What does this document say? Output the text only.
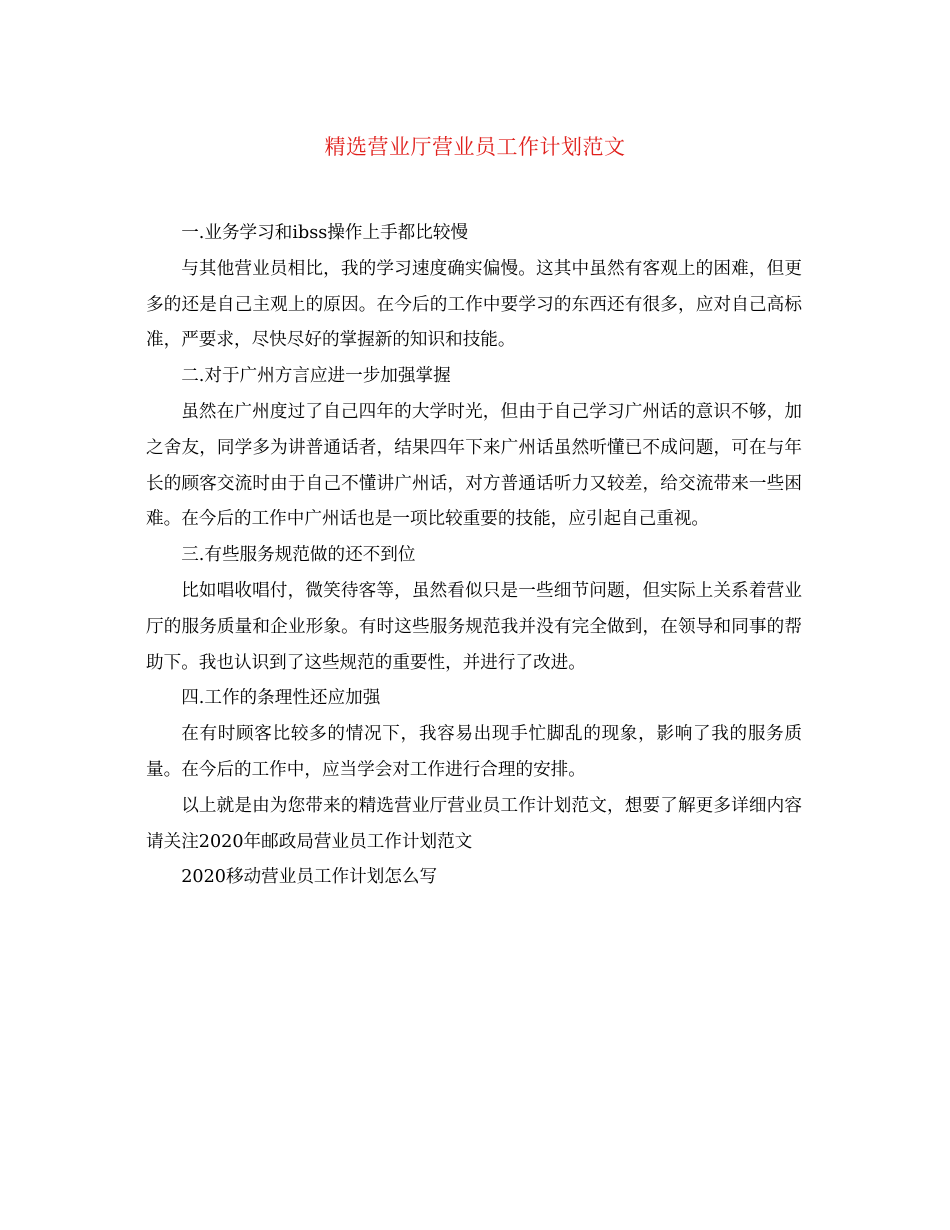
精选营业厅营业员工作计划范文

一.业务学习和ibss操作上手都比较慢

与其他营业员相比，我的学习速度确实偏慢。这其中虽然有客观上的困难，但更多的还是自己主观上的原因。在今后的工作中要学习的东西还有很多，应对自己高标准，严要求，尽快尽好的掌握新的知识和技能。

二.对于广州方言应进一步加强掌握

虽然在广州度过了自己四年的大学时光，但由于自己学习广州话的意识不够，加之舍友，同学多为讲普通话者，结果四年下来广州话虽然听懂已不成问题，可在与年长的顾客交流时由于自己不懂讲广州话，对方普通话听力又较差，给交流带来一些困难。在今后的工作中广州话也是一项比较重要的技能，应引起自己重视。

三.有些服务规范做的还不到位

比如唱收唱付，微笑待客等，虽然看似只是一些细节问题，但实际上关系着营业厅的服务质量和企业形象。有时这些服务规范我并没有完全做到，在领导和同事的帮助下。我也认识到了这些规范的重要性，并进行了改进。

四.工作的条理性还应加强

在有时顾客比较多的情况下，我容易出现手忙脚乱的现象，影响了我的服务质量。在今后的工作中，应当学会对工作进行合理的安排。

以上就是由为您带来的精选营业厅营业员工作计划范文，想要了解更多详细内容请关注2020年邮政局营业员工作计划范文

2020移动营业员工作计划怎么写
